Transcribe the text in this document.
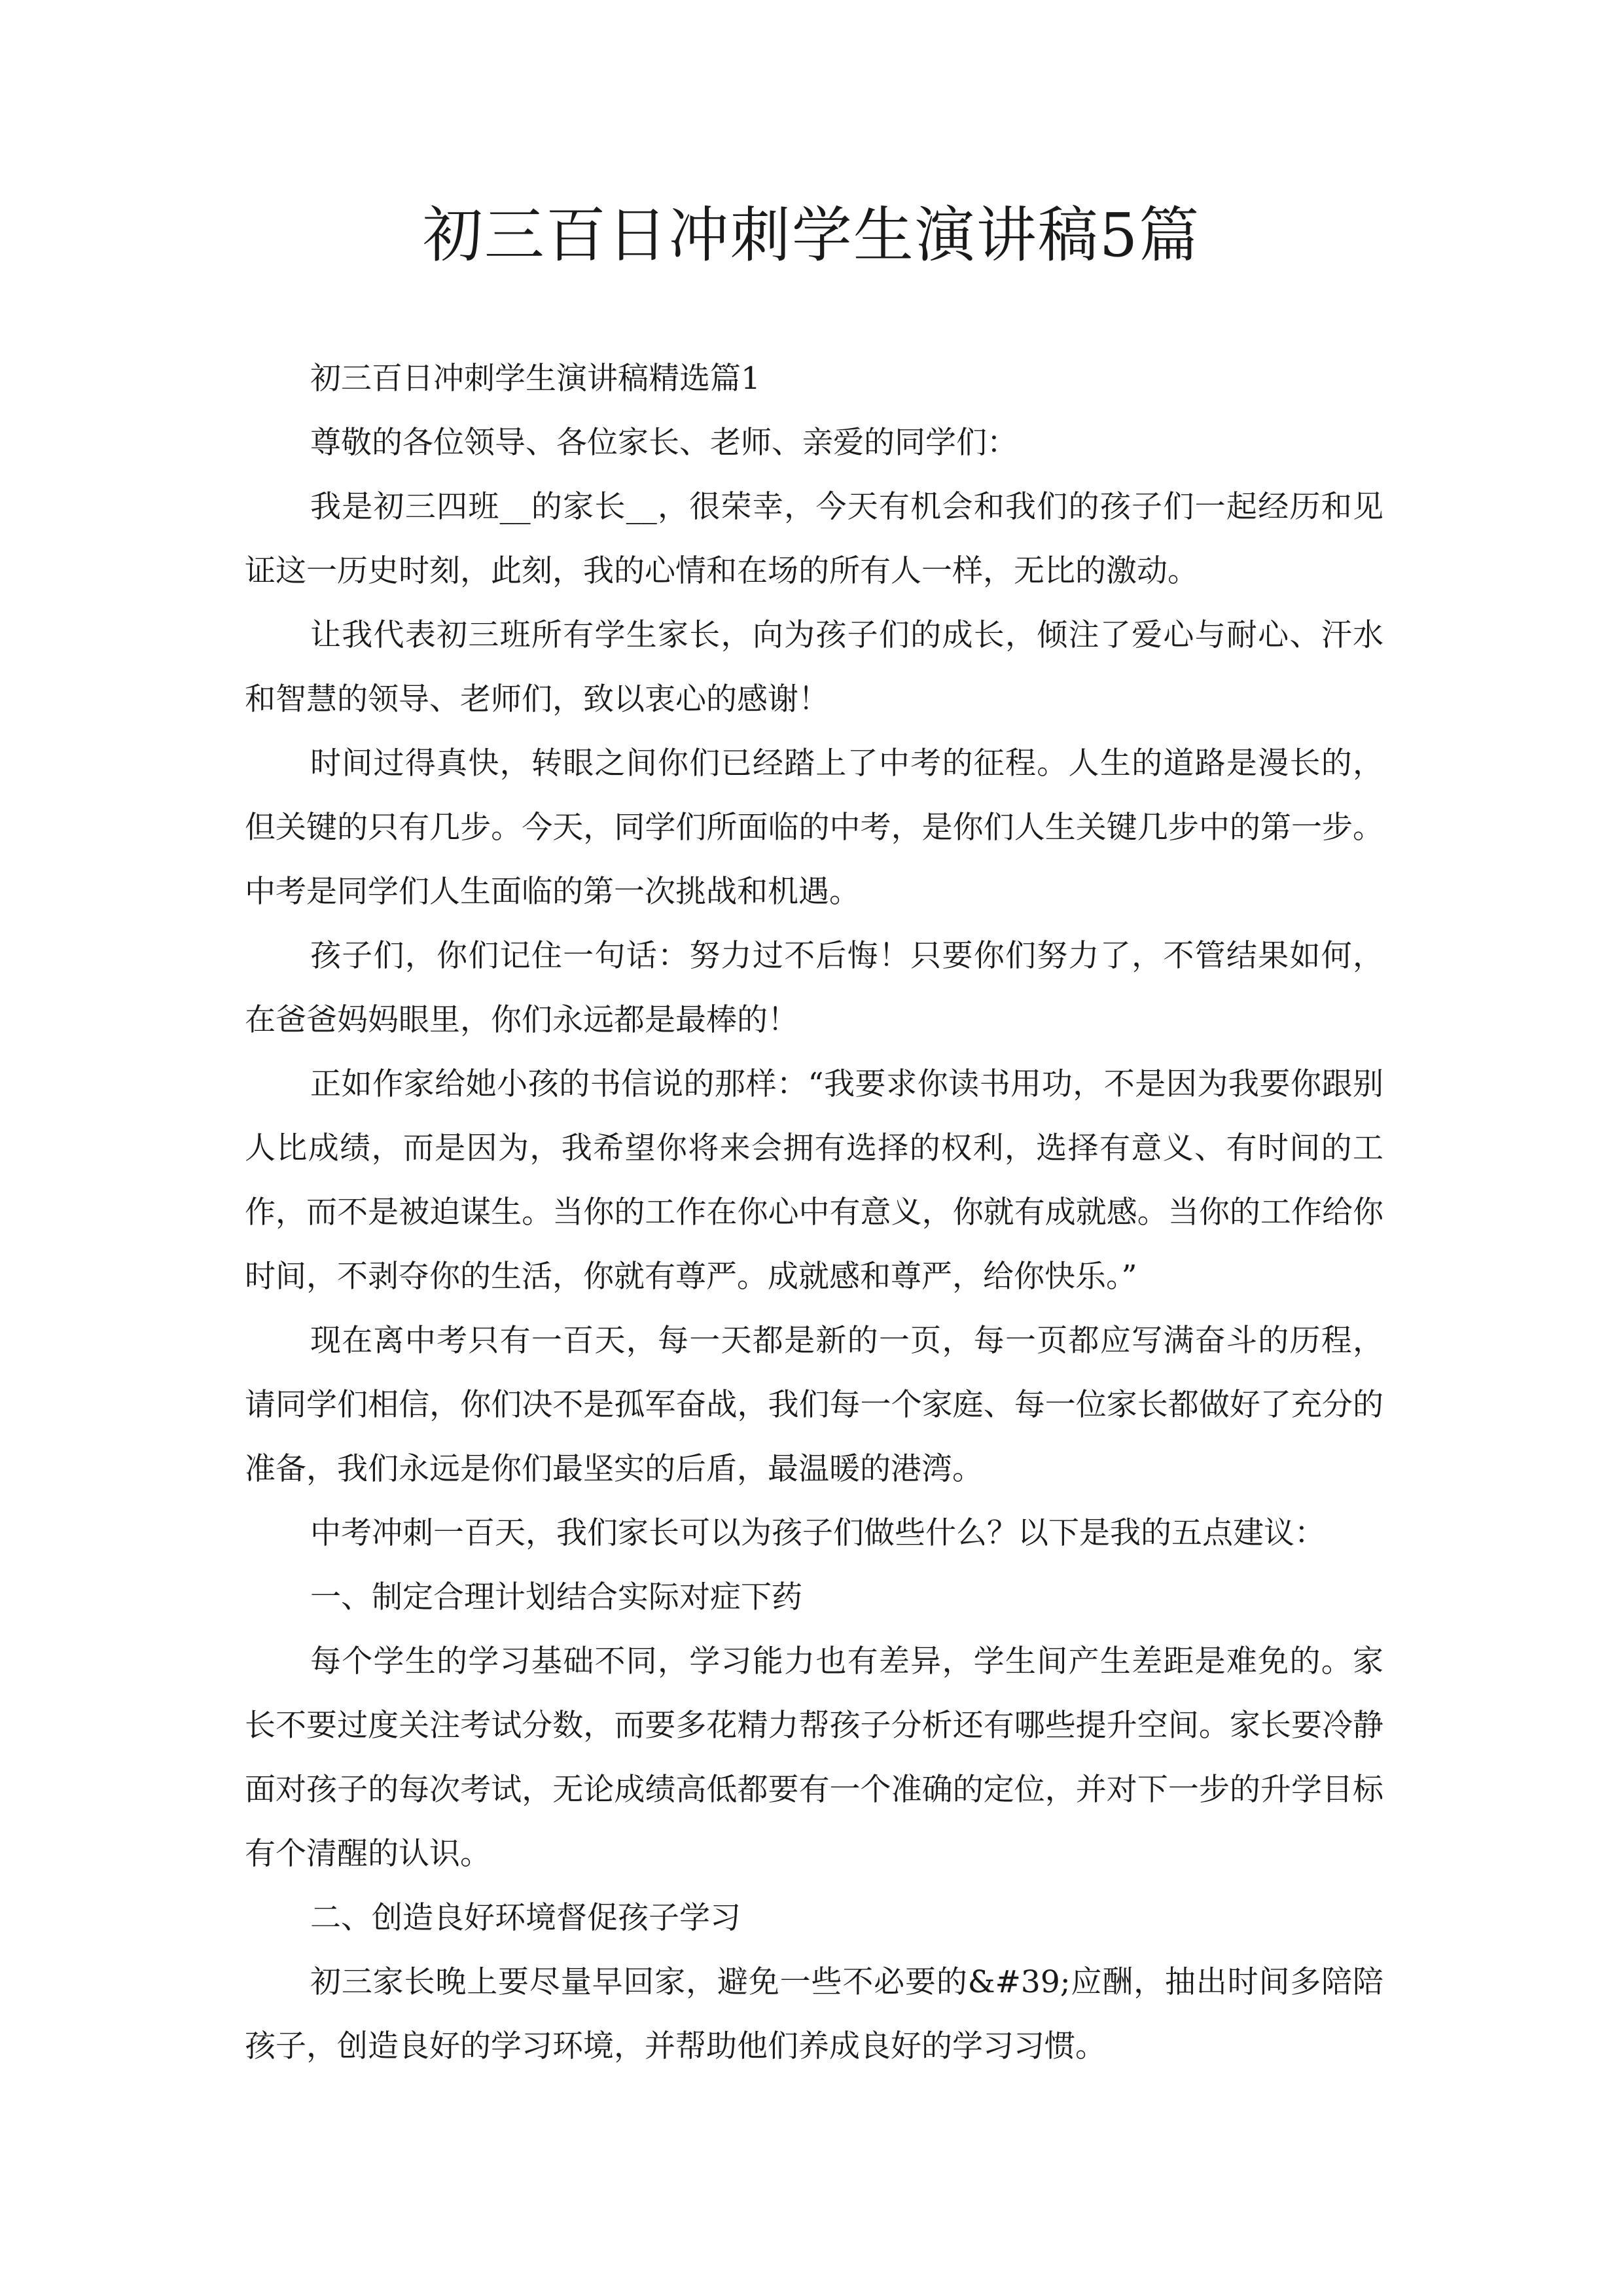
初三百日冲刺学生演讲稿5篇

初三百日冲刺学生演讲稿精选篇1

尊敬的各位领导、各位家长、老师、亲爱的同学们：

我是初三四班__的家长__，很荣幸，今天有机会和我们的孩子们一起经历和见证这一历史时刻，此刻，我的心情和在场的所有人一样，无比的激动。

让我代表初三班所有学生家长，向为孩子们的成长，倾注了爱心与耐心、汗水和智慧的领导、老师们，致以衷心的感谢！

时间过得真快，转眼之间你们已经踏上了中考的征程。人生的道路是漫长的，但关键的只有几步。今天，同学们所面临的中考，是你们人生关键几步中的第一步。中考是同学们人生面临的第一次挑战和机遇。

孩子们，你们记住一句话：努力过不后悔！只要你们努力了，不管结果如何，在爸爸妈妈眼里，你们永远都是最棒的！

正如作家给她小孩的书信说的那样：“我要求你读书用功，不是因为我要你跟别人比成绩，而是因为，我希望你将来会拥有选择的权利，选择有意义、有时间的工作，而不是被迫谋生。当你的工作在你心中有意义，你就有成就感。当你的工作给你时间，不剥夺你的生活，你就有尊严。成就感和尊严，给你快乐。”

现在离中考只有一百天，每一天都是新的一页，每一页都应写满奋斗的历程，请同学们相信，你们决不是孤军奋战，我们每一个家庭、每一位家长都做好了充分的准备，我们永远是你们最坚实的后盾，最温暖的港湾。

中考冲刺一百天，我们家长可以为孩子们做些什么？以下是我的五点建议：

一、制定合理计划结合实际对症下药

每个学生的学习基础不同，学习能力也有差异，学生间产生差距是难免的。家长不要过度关注考试分数，而要多花精力帮孩子分析还有哪些提升空间。家长要冷静面对孩子的每次考试，无论成绩高低都要有一个准确的定位，并对下一步的升学目标有个清醒的认识。

二、创造良好环境督促孩子学习

初三家长晚上要尽量早回家，避免一些不必要的&#39;应酬，抽出时间多陪陪孩子，创造良好的学习环境，并帮助他们养成良好的学习习惯。
